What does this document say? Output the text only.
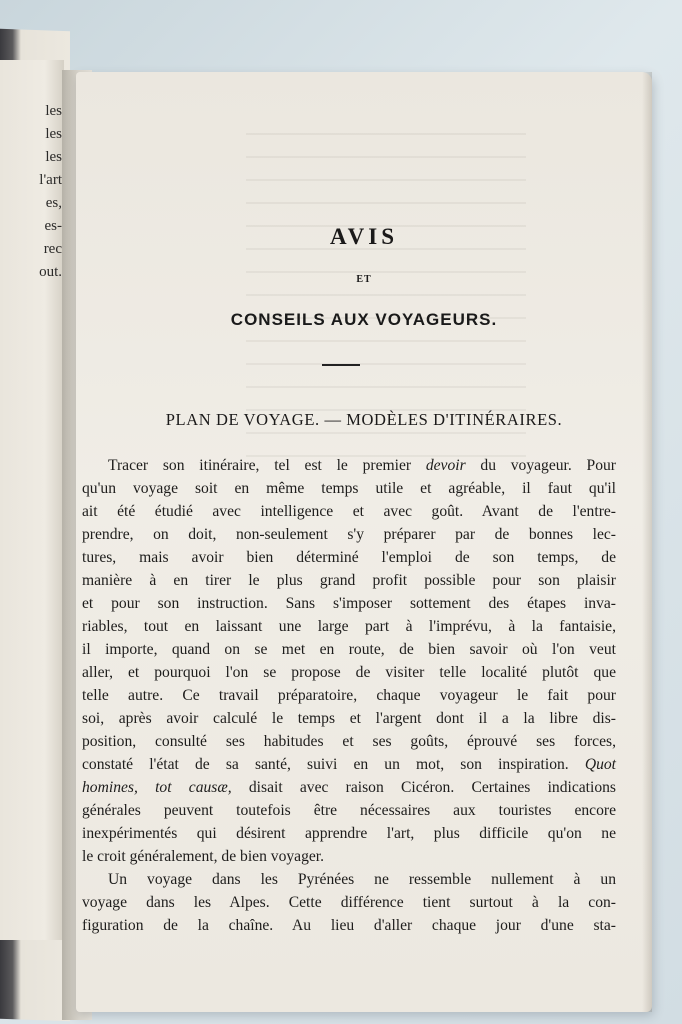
les
les
les
l'art
es,
es-
rec
out.
AVIS
ET
CONSEILS AUX VOYAGEURS.
PLAN DE VOYAGE. — MODÈLES D'ITINÉRAIRES.
Tracer son itinéraire, tel est le premier devoir du voyageur. Pour
qu'un voyage soit en même temps utile et agréable, il faut qu'il
ait été étudié avec intelligence et avec goût. Avant de l'entre-
prendre, on doit, non-seulement s'y préparer par de bonnes lec-
tures, mais avoir bien déterminé l'emploi de son temps, de
manière à en tirer le plus grand profit possible pour son plaisir
et pour son instruction. Sans s'imposer sottement des étapes inva-
riables, tout en laissant une large part à l'imprévu, à la fantaisie,
il importe, quand on se met en route, de bien savoir où l'on veut
aller, et pourquoi l'on se propose de visiter telle localité plutôt que
telle autre. Ce travail préparatoire, chaque voyageur le fait pour
soi, après avoir calculé le temps et l'argent dont il a la libre dis-
position, consulté ses habitudes et ses goûts, éprouvé ses forces,
constaté l'état de sa santé, suivi en un mot, son inspiration. Quot
homines, tot causæ, disait avec raison Cicéron. Certaines indications
générales peuvent toutefois être nécessaires aux touristes encore
inexpérimentés qui désirent apprendre l'art, plus difficile qu'on ne
le croit généralement, de bien voyager.
Un voyage dans les Pyrénées ne ressemble nullement à un
voyage dans les Alpes. Cette différence tient surtout à la con-
figuration de la chaîne. Au lieu d'aller chaque jour d'une sta-
